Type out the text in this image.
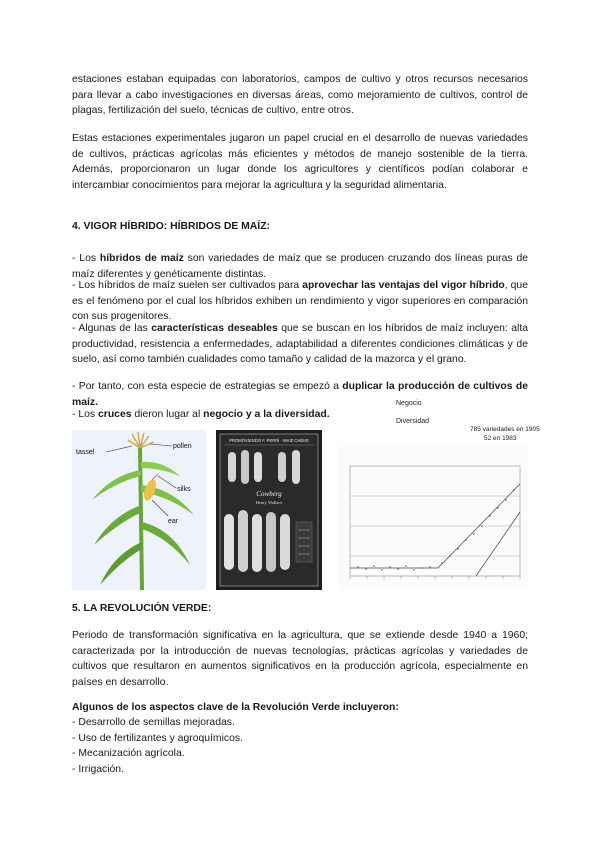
estaciones estaban equipadas con laboratorios, campos de cultivo y otros recursos necesarios para llevar a cabo investigaciones en diversas áreas, como mejoramiento de cultivos, control de plagas, fertilización del suelo, técnicas de cultivo, entre otros.

Estas estaciones experimentales jugaron un papel crucial en el desarrollo de nuevas variedades de cultivos, prácticas agrícolas más eficientes y métodos de manejo sostenible de la tierra. Además, proporcionaron un lugar donde los agricultores y científicos podían colaborar e intercambiar conocimientos para mejorar la agricultura y la seguridad alimentaria.

4. VIGOR HÍBRIDO: HÍBRIDOS DE MAÍZ:

- Los híbridos de maíz son variedades de maíz que se producen cruzando dos líneas puras de maíz diferentes y genéticamente distintas.

- Los híbridos de maíz suelen ser cultivados para aprovechar las ventajas del vigor híbrido, que es el fenómeno por el cual los híbridos exhiben un rendimiento y vigor superiores en comparación con sus progenitores.

- Algunas de las características deseables que se buscan en los híbridos de maíz incluyen: alta productividad, resistencia a enfermedades, adaptabilidad a diferentes condiciones climáticas y de suelo, así como también cualidades como tamaño y calidad de la mazorca y el grano.

- Por tanto, con esta especie de estrategias se empezó a duplicar la producción de cultivos de maíz.

- Los cruces dieron lugar al negocio y a la diversidad.

tassel
pollen
silks
ear
PROMOVIENDO F. PERRÍ · MAIZ CHEKE
Cowberg
Henry Wallace
Negocio
Diversidad
785 variedades en 1905
52 en 1983
5. LA REVOLUCIÓN VERDE:

Periodo de transformación significativa en la agricultura, que se extiende desde 1940 a 1960; caracterizada por la introducción de nuevas tecnologías, prácticas agrícolas y variedades de cultivos que resultaron en aumentos significativos en la producción agrícola, especialmente en países en desarrollo.

Algunos de los aspectos clave de la Revolución Verde incluyeron:
- Desarrollo de semillas mejoradas.
- Uso de fertilizantes y agroquímicos.
- Mecanización agrícola.
- Irrigación.
